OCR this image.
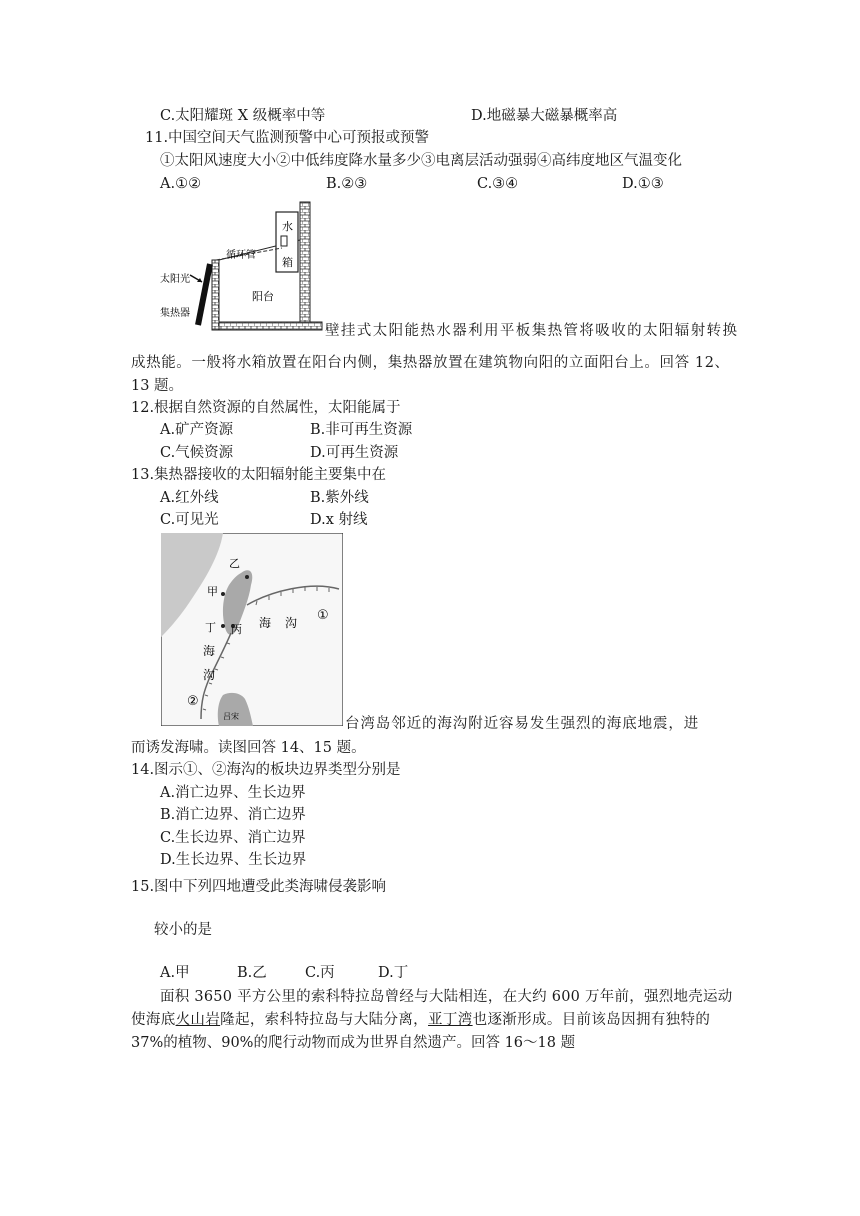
C.太阳耀斑 X 级概率中等	D.地磁暴大磁暴概率高
11.中国空间天气监测预警中心可预报或预警
①太阳风速度大小②中低纬度降水量多少③电离层活动强弱④高纬度地区气温变化
A.①②	B.②③	C.③④	D.①③
水
箱
循环管
太阳光
集热器
阳台
壁挂式太阳能热水器利用平板集热管将吸收的太阳辐射转换
成热能。一般将水箱放置在阳台内侧，集热器放置在建筑物向阳的立面阳台上。回答 12、
13 题。
12.根据自然资源的自然属性，太阳能属于
A.矿产资源	B.非可再生资源
C.气候资源	D.可再生资源
13.集热器接收的太阳辐射能主要集中在
A.红外线	B.紫外线
C.可见光	D.x 射线
乙
甲
丁 丙 海 沟 ①
海
沟
②
吕宋	台湾岛邻近的海沟附近容易发生强烈的海底地震，进
而诱发海啸。读图回答 14、15 题。
14.图示①、②海沟的板块边界类型分别是
A.消亡边界、生长边界
B.消亡边界、消亡边界
C.生长边界、消亡边界
D.生长边界、生长边界
15.图中下列四地遭受此类海啸侵袭影响
较小的是
A.甲	B.乙	C.丙	D.丁
面积 3650 平方公里的索科特拉岛曾经与大陆相连，在大约 600 万年前，强烈地壳运动
使海底火山岩隆起，索科特拉岛与大陆分离，亚丁湾也逐渐形成。目前该岛因拥有独特的
37%的植物、90%的爬行动物而成为世界自然遗产。回答 16～18 题
